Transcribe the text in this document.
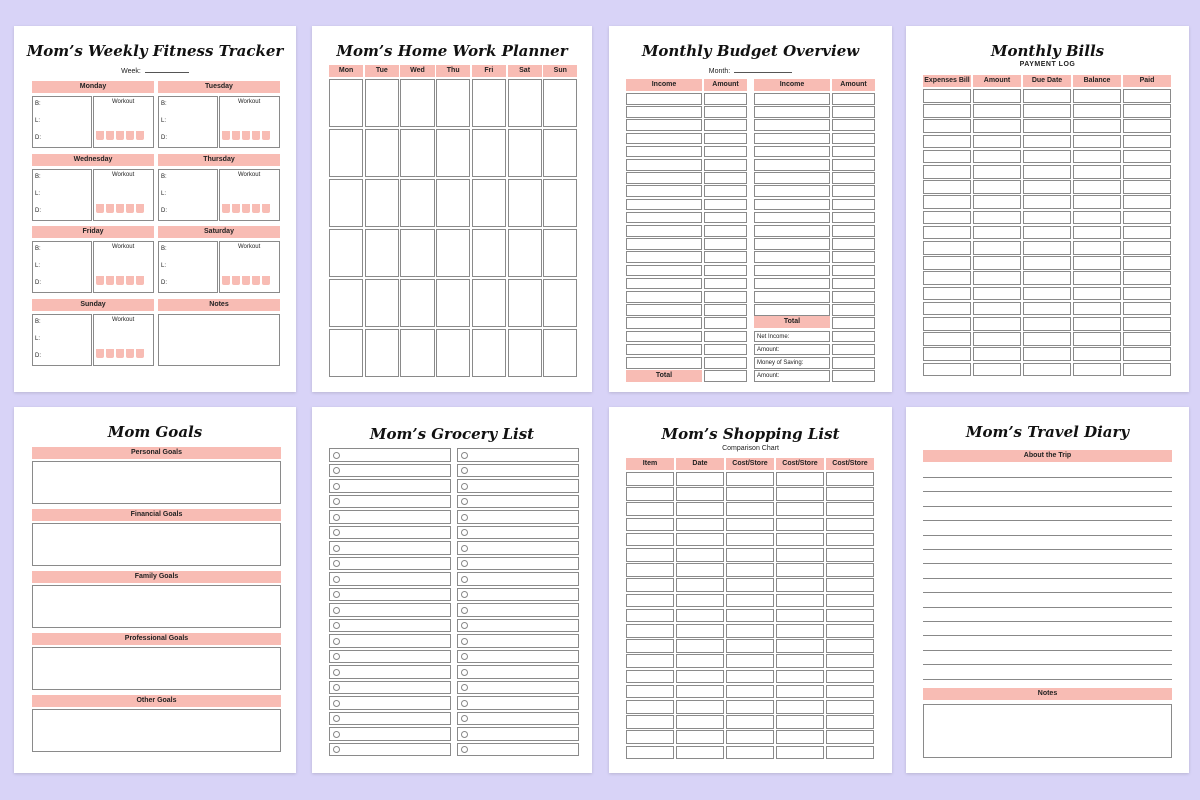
Mom’s Weekly Fitness Tracker
Week:
Monday
B:
L:
D:
Workout
Tuesday
B:
L:
D:
Workout
Wednesday
B:
L:
D:
Workout
Thursday
B:
L:
D:
Workout
Friday
B:
L:
D:
Workout
Saturday
B:
L:
D:
Workout
Sunday
B:
L:
D:
Workout
Notes
Mom’s Home Work Planner
Mon	Tue	Wed	Thu	Fri	Sat	Sun
Monthly Budget Overview
Month:
Income	Amount	Income	Amount
Total
Total
Net Income:
Amount:
Money of Saving:
Amount:
Monthly Bills
PAYMENT LOG
Expenses Bill	Amount	Due Date	Balance	Paid
Mom Goals
Personal Goals
Financial Goals
Family Goals
Professional Goals
Other Goals
Mom’s Grocery List	Mom’s Shopping List
Comparison Chart
Item	Date	Cost/Store	Cost/Store	Cost/Store
Mom’s Travel Diary
About the Trip
Notes
